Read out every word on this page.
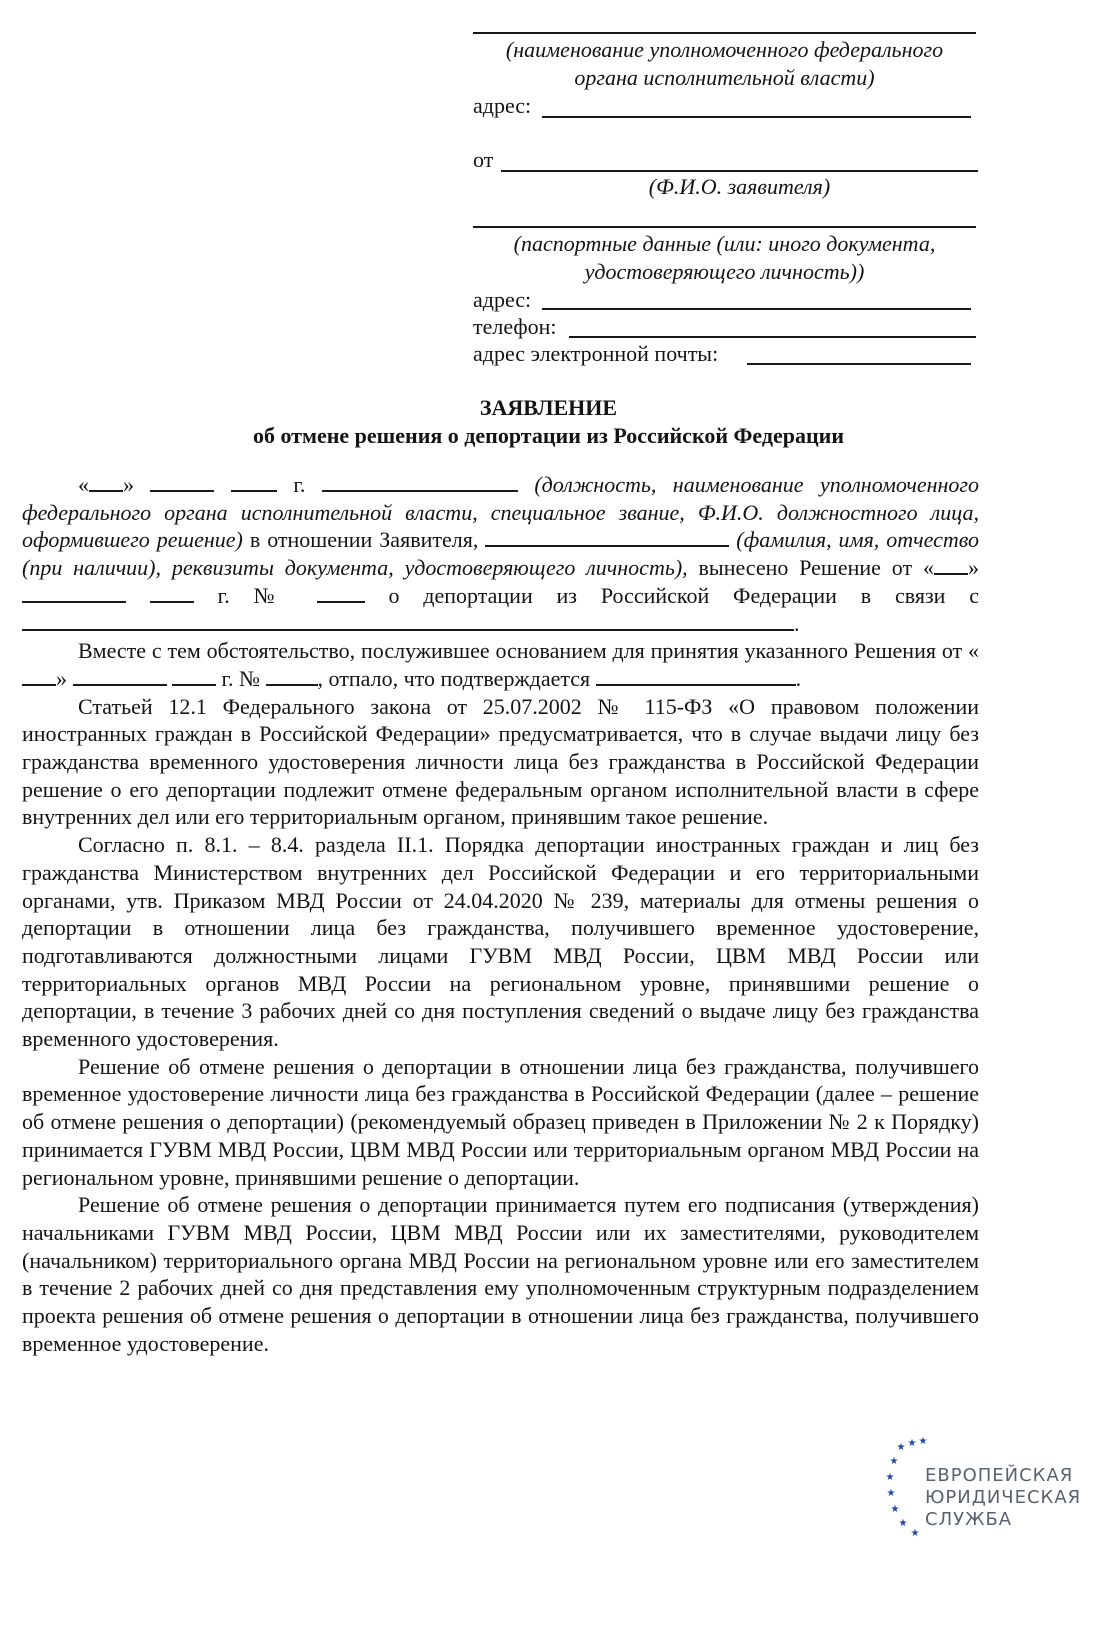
(наименование уполномоченного федерального
органа исполнительной власти)
адрес:
от
(Ф.И.О. заявителя)
(паспортные данные (или: иного документа,
удостоверяющего личность))
адрес:
телефон:
адрес электронной почты:
ЗАЯВЛЕНИЕ
об отмене решения о депортации из Российской Федерации

« »	г.	(должность, наименование уполномоченного федерального органа исполнительной власти, специальное звание, Ф.И.О. должностного лица, оформившего решение) в отношении Заявителя,	(фамилия, имя, отчество (при наличии), реквизиты документа, удостоверяющего личность), вынесено Решение от « »   г. №	о депортации из Российской Федерации в связи с .

Вместе с тем обстоятельство, послужившее основанием для принятия указанного Решения от «»	г. №	, отпало, что подтверждается	.

Статьей 12.1 Федерального закона от 25.07.2002 № 115-ФЗ «О правовом положении иностранных граждан в Российской Федерации» предусматривается, что в случае выдачи лицу без гражданства временного удостоверения личности лица без гражданства в Российской Федерации решение о его депортации подлежит отмене федеральным органом исполнительной власти в сфере внутренних дел или его территориальным органом, принявшим такое решение.

Согласно п. 8.1. – 8.4. раздела II.1. Порядка депортации иностранных граждан и лиц без гражданства Министерством внутренних дел Российской Федерации и его территориальными органами, утв. Приказом МВД России от 24.04.2020 № 239, материалы для отмены решения о депортации в отношении лица без гражданства, получившего временное удостоверение, подготавливаются должностными лицами ГУВМ МВД России, ЦВМ МВД России или территориальных органов МВД России на региональном уровне, принявшими решение о депортации, в течение 3 рабочих дней со дня поступления сведений о выдаче лицу без гражданства временного удостоверения.

Решение об отмене решения о депортации в отношении лица без гражданства, получившего временное удостоверение личности лица без гражданства в Российской Федерации (далее – решение об отмене решения о депортации) (рекомендуемый образец приведен в Приложении № 2 к Порядку) принимается ГУВМ МВД России, ЦВМ МВД России или территориальным органом МВД России на региональном уровне, принявшими решение о депортации.

Решение об отмене решения о депортации принимается путем его подписания (утверждения) начальниками ГУВМ МВД России, ЦВМ МВД России или их заместителями, руководителем (начальником) территориального органа МВД России на региональном уровне или его заместителем в течение 2 рабочих дней со дня представления ему уполномоченным структурным подразделением проекта решения об отмене решения о депортации в отношении лица без гражданства, получившего временное удостоверение.

★
★
★
★
★
★
★
★ ★
ЕВРОПЕЙСКАЯ
ЮРИДИЧЕСКАЯ
СЛУЖБА
